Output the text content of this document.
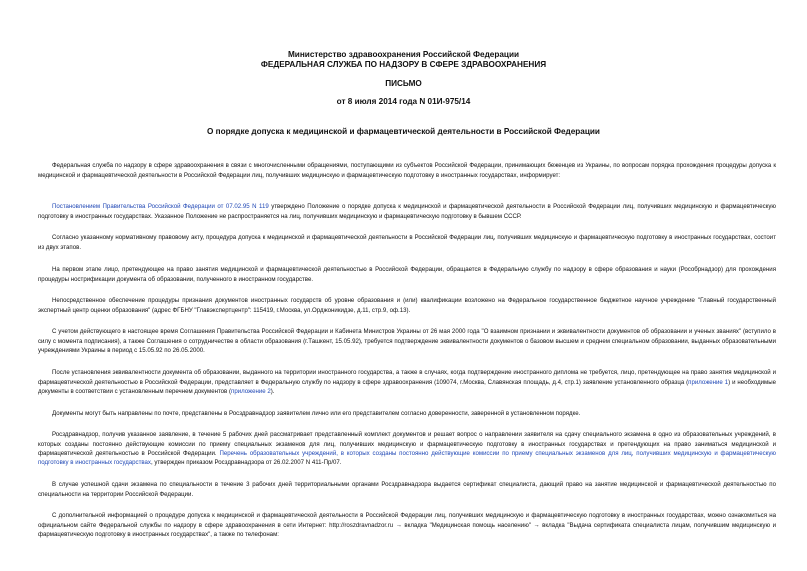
Министерство здравоохранения Российской Федерации
ФЕДЕРАЛЬНАЯ СЛУЖБА ПО НАДЗОРУ В СФЕРЕ ЗДРАВООХРАНЕНИЯ
ПИСЬМО
от 8 июля 2014 года N 01И-975/14
О порядке допуска к медицинской и фармацевтической деятельности в Российской Федерации

Федеральная служба по надзору в сфере здравоохранения в связи с многочисленными обращениями, поступающими из субъектов Российской Федерации, принимающих беженцев из Украины, по вопросам порядка прохождения процедуры допуска к медицинской и фармацевтической деятельности в Российской Федерации лиц, получивших медицинскую и фармацевтическую подготовку в иностранных государствах, информирует:

Постановлением Правительства Российской Федерации от 07.02.95 N 119 утверждено Положение о порядке допуска к медицинской и фармацевтической деятельности в Российской Федерации лиц, получивших медицинскую и фармацевтическую подготовку в иностранных государствах. Указанное Положение не распространяется на лиц, получивших медицинскую и фармацевтическую подготовку в бывшем СССР.

Согласно указанному нормативному правовому акту, процедура допуска к медицинской и фармацевтической деятельности в Российской Федерации лиц, получивших медицинскую и фармацевтическую подготовку в иностранных государствах, состоит из двух этапов.

На первом этапе лицо, претендующее на право занятия медицинской и фармацевтической деятельностью в Российской Федерации, обращается в Федеральную службу по надзору в сфере образования и науки (Рособрнадзор) для прохождения процедуры нострификации документа об образовании, полученного в иностранном государстве.

Непосредственное обеспечение процедуры признания документов иностранных государств об уровне образования и (или) квалификации возложено на Федеральное государственное бюджетное научное учреждение "Главный государственный экспертный центр оценки образования" (адрес ФГБНУ "Главэкспертцентр": 115419, г.Москва, ул.Орджоникидзе, д.11, стр.9, оф.13).

С учетом действующего в настоящее время Соглашения Правительства Российской Федерации и Кабинета Министров Украины от 26 мая 2000 года "О взаимном признании и эквивалентности документов об образовании и ученых званиях" (вступило в силу с момента подписания), а также Соглашения о сотрудничестве в области образования (г.Ташкент, 15.05.92), требуется подтверждение эквивалентности документов о базовом высшем и среднем специальном образовании, выданных образовательными учреждениями Украины в период с 15.05.92 по 26.05.2000.

После установления эквивалентности документа об образовании, выданного на территории иностранного государства, а также в случаях, когда подтверждение иностранного диплома не требуется, лицо, претендующее на право занятия медицинской и фармацевтической деятельностью в Российской Федерации, представляет в Федеральную службу по надзору в сфере здравоохранения (109074, г.Москва, Славянская площадь, д.4, стр.1) заявление установленного образца (приложение 1) и необходимые документы в соответствии с установленным перечнем документов (приложение 2).

Документы могут быть направлены по почте, представлены в Росздравнадзор заявителем лично или его представителем согласно доверенности, заверенной в установленном порядке.

Росздравнадзор, получив указанное заявление, в течение 5 рабочих дней рассматривает представленный комплект документов и решает вопрос о направлении заявителя на сдачу специального экзамена в одно из образовательных учреждений, в которых созданы постоянно действующие комиссии по приему специальных экзаменов для лиц, получивших медицинскую и фармацевтическую подготовку в иностранных государствах и претендующих на право заниматься медицинской и фармацевтической деятельностью в Российской Федерации. Перечень образовательных учреждений, в которых созданы постоянно действующие комиссии по приему специальных экзаменов для лиц, получивших медицинскую и фармацевтическую подготовку в иностранных государствах, утвержден приказом Росздравнадзора от 26.02.2007 N 411-Пр/07.

В случае успешной сдачи экзамена по специальности в течение 3 рабочих дней территориальными органами Росздравнадзора выдается сертификат специалиста, дающий право на занятие медицинской и фармацевтической деятельностью по специальности на территории Российской Федерации.

С дополнительной информацией о процедуре допуска к медицинской и фармацевтической деятельности в Российской Федерации лиц, получивших медицинскую и фармацевтическую подготовку в иностранных государствах, можно ознакомиться на официальном сайте Федеральной службы по надзору в сфере здравоохранения в сети Интернет: http://roszdravnadzor.ru → вкладка "Медицинская помощь населению" → вкладка "Выдача сертификата специалиста лицам, получившим медицинскую и фармацевтическую подготовку в иностранных государствах", а также по телефонам:
